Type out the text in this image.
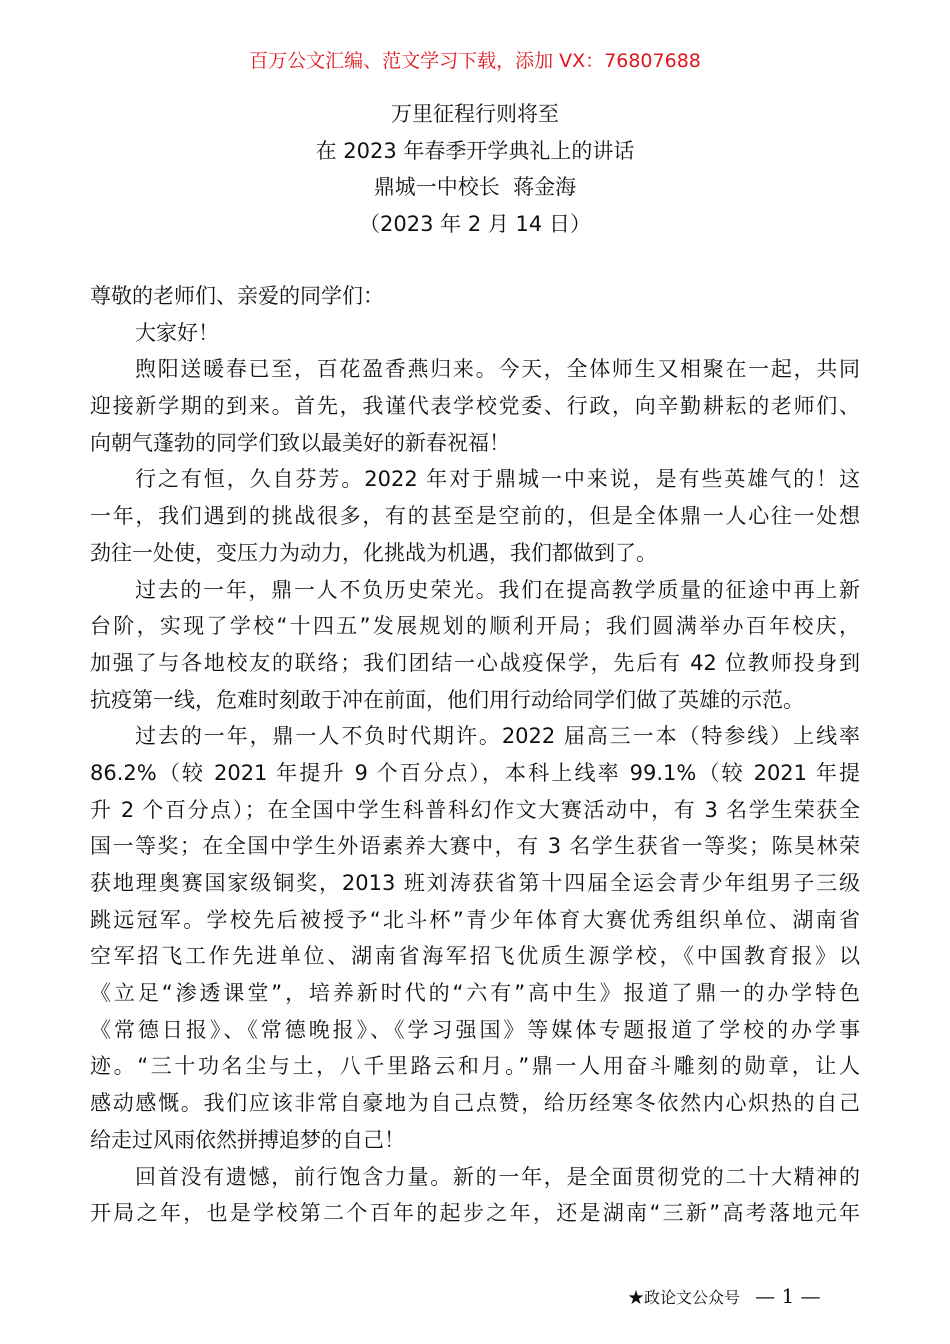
百万公文汇编、范文学习下载，添加 VX：76807688
万里征程行则将至
在 2023 年春季开学典礼上的讲话
鼎城一中校长  蒋金海
（2023 年 2 月 14 日）
尊敬的老师们、亲爱的同学们：
大家好！
煦阳送暖春已至，百花盈香燕归来。今天，全体师生又相聚在一起，共同
迎接新学期的到来。首先，我谨代表学校党委、行政，向辛勤耕耘的老师们、
向朝气蓬勃的同学们致以最美好的新春祝福！
行之有恒，久自芬芳。2022 年对于鼎城一中来说，是有些英雄气的！这
一年，我们遇到的挑战很多，有的甚至是空前的，但是全体鼎一人心往一处想
劲往一处使，变压力为动力，化挑战为机遇，我们都做到了。
过去的一年，鼎一人不负历史荣光。我们在提高教学质量的征途中再上新
台阶，实现了学校“十四五”发展规划的顺利开局；我们圆满举办百年校庆，
加强了与各地校友的联络；我们团结一心战疫保学，先后有 42 位教师投身到
抗疫第一线，危难时刻敢于冲在前面，他们用行动给同学们做了英雄的示范。
过去的一年，鼎一人不负时代期许。2022 届高三一本（特参线）上线率
86.2%（较 2021 年提升 9 个百分点），本科上线率 99.1%（较 2021 年提
升 2 个百分点）；在全国中学生科普科幻作文大赛活动中，有 3 名学生荣获全
国一等奖；在全国中学生外语素养大赛中，有 3 名学生获省一等奖；陈昊林荣
获地理奥赛国家级铜奖，2013 班刘涛获省第十四届全运会青少年组男子三级
跳远冠军。学校先后被授予“北斗杯”青少年体育大赛优秀组织单位、湖南省
空军招飞工作先进单位、湖南省海军招飞优质生源学校，《中国教育报》以
《立足“渗透课堂”，培养新时代的“六有”高中生》报道了鼎一的办学特色
《常德日报》、《常德晚报》、《学习强国》等媒体专题报道了学校的办学事
迹。“三十功名尘与土，八千里路云和月。”鼎一人用奋斗雕刻的勋章，让人
感动感慨。我们应该非常自豪地为自己点赞，给历经寒冬依然内心炽热的自己
给走过风雨依然拼搏追梦的自己！
回首没有遗憾，前行饱含力量。新的一年，是全面贯彻党的二十大精神的
开局之年，也是学校第二个百年的起步之年，还是湖南“三新”高考落地元年
★政论文公众号 — 1 —
